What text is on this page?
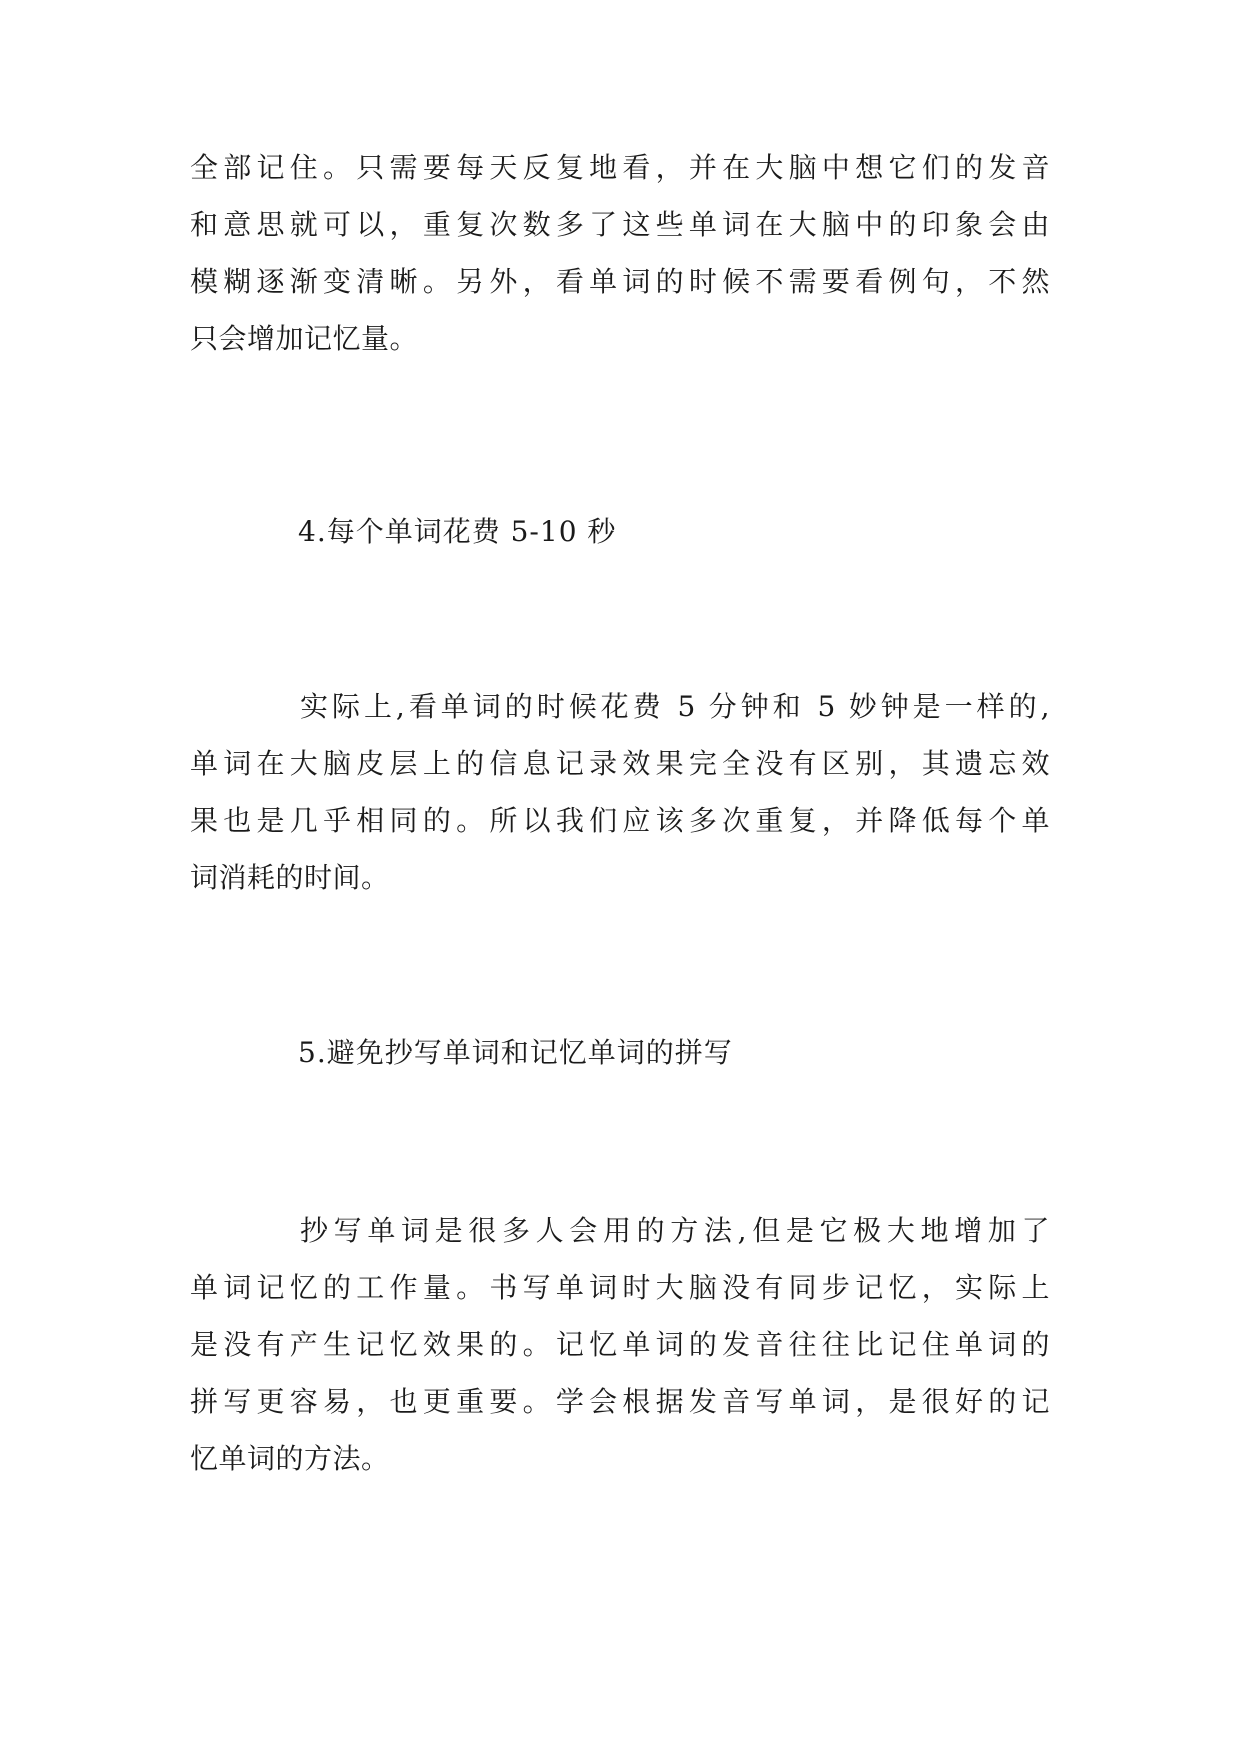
全部记住。只需要每天反复地看，并在大脑中想它们的发音
和意思就可以，重复次数多了这些单词在大脑中的印象会由
模糊逐渐变清晰。另外，看单词的时候不需要看例句，不然
只会增加记忆量。
4.每个单词花费 5-10 秒
实际上,看单词的时候花费 5 分钟和 5 妙钟是一样的,
单词在大脑皮层上的信息记录效果完全没有区别，其遗忘效
果也是几乎相同的。所以我们应该多次重复，并降低每个单
词消耗的时间。
5.避免抄写单词和记忆单词的拼写
抄写单词是很多人会用的方法,但是它极大地增加了
单词记忆的工作量。书写单词时大脑没有同步记忆，实际上
是没有产生记忆效果的。记忆单词的发音往往比记住单词的
拼写更容易，也更重要。学会根据发音写单词，是很好的记
忆单词的方法。
